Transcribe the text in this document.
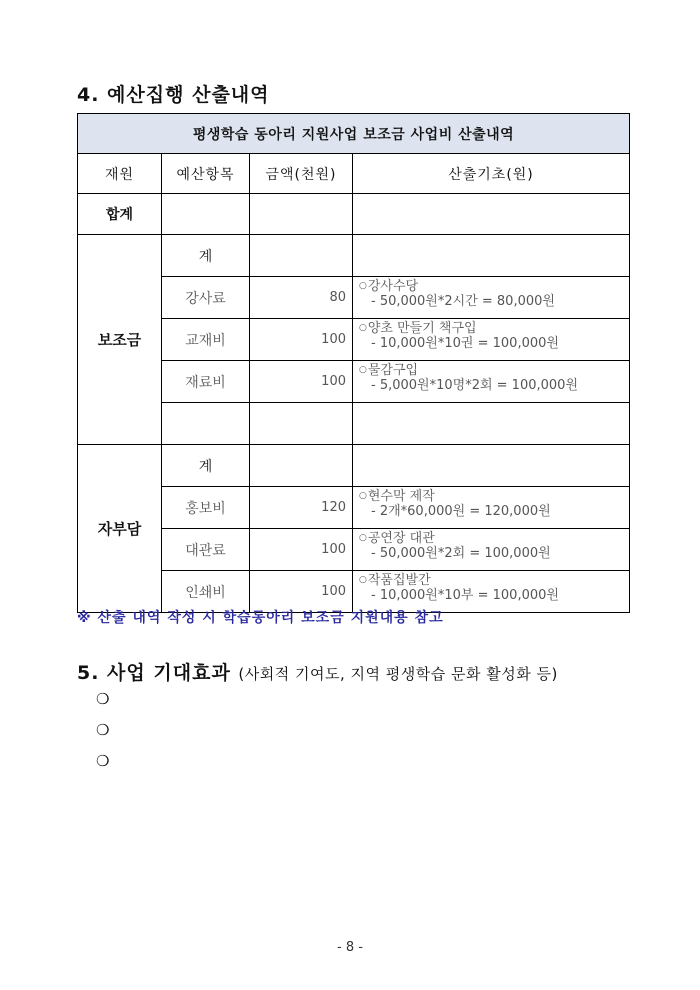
4. 예산집행 산출내역
평생학습 동아리 지원사업 보조금 사업비 산출내역			
재원	예산항목	금액(천원)	산출기초(원)
합계			
보조금	계		
	강사료	80	○강사수당
- 50,000원*2시간 = 80,000원

	교재비	100	○양초 만들기 책구입
- 10,000원*10권 = 100,000원

	재료비	100	○물감구입
- 5,000원*10명*2회 = 100,000원

자부담	계		
	홍보비	120	○현수막 제작
- 2개*60,000원 = 120,000원

	대관료	100	○공연장 대관
- 50,000원*2회 = 100,000원

	인쇄비	100	○작품집발간
- 10,000원*10부 = 100,000원
※ 산출 내역 작성 시 학습동아리 보조금 지원내용 참고
5. 사업 기대효과 (사회적 기여도, 지역 평생학습 문화 활성화 등)
❍
❍
❍
- 8 -
